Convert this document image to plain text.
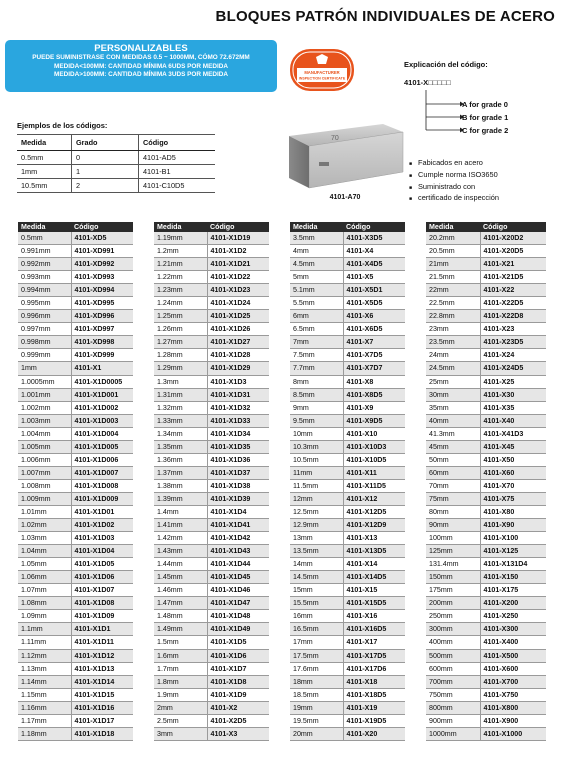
BLOQUES PATRÓN INDIVIDUALES DE ACERO
PERSONALIZABLES
PUEDE SUMINISTRASE CON MEDIDAS 0.5 ~ 1000MM, CÓMO 72.672MM
MEDIDA<100MM: CANTIDAD MÍNIMA 6UDS POR MEDIDA
MEDIDA>100MM: CANTIDAD MÍNIMA 3UDS POR MEDIDA	MANUFACTURER
INSPECTION CERTIFICATE
70
4101-A70
Explicación del código:
4101-X□□□□□
A for grade 0
B for grade 1
C for grade 2
■ Fabicados en acero
■ Cumple norma ISO3650
■ Suministrado con
■ certificado de inspección
Ejemplos de los códigos:
Medida	Grado	Código
0.5mm	0	4101-AD5
1mm	1	4101-B1
10.5mm	2	4101-C10D5
Medida	Código
0.5mm	4101-XD5
0.991mm	4101-XD991
0.992mm	4101-XD992
0.993mm	4101-XD993
0.994mm	4101-XD994
0.995mm	4101-XD995
0.996mm	4101-XD996
0.997mm	4101-XD997
0.998mm	4101-XD998
0.999mm	4101-XD999
1mm	4101-X1
1.0005mm	4101-X1D0005
1.001mm	4101-X1D001
1.002mm	4101-X1D002
1.003mm	4101-X1D003
1.004mm	4101-X1D004
1.005mm	4101-X1D005
1.006mm	4101-X1D006
1.007mm	4101-X1D007
1.008mm	4101-X1D008
1.009mm	4101-X1D009
1.01mm	4101-X1D01
1.02mm	4101-X1D02
1.03mm	4101-X1D03
1.04mm	4101-X1D04
1.05mm	4101-X1D05
1.06mm	4101-X1D06
1.07mm	4101-X1D07
1.08mm	4101-X1D08
1.09mm	4101-X1D09
1.1mm	4101-X1D1
1.11mm	4101-X1D11
1.12mm	4101-X1D12
1.13mm	4101-X1D13
1.14mm	4101-X1D14
1.15mm	4101-X1D15
1.16mm	4101-X1D16
1.17mm	4101-X1D17
1.18mm	4101-X1D18
Medida	Código
1.19mm	4101-X1D19
1.2mm	4101-X1D2
1.21mm	4101-X1D21
1.22mm	4101-X1D22
1.23mm	4101-X1D23
1.24mm	4101-X1D24
1.25mm	4101-X1D25
1.26mm	4101-X1D26
1.27mm	4101-X1D27
1.28mm	4101-X1D28
1.29mm	4101-X1D29
1.3mm	4101-X1D3
1.31mm	4101-X1D31
1.32mm	4101-X1D32
1.33mm	4101-X1D33
1.34mm	4101-X1D34
1.35mm	4101-X1D35
1.36mm	4101-X1D36
1.37mm	4101-X1D37
1.38mm	4101-X1D38
1.39mm	4101-X1D39
1.4mm	4101-X1D4
1.41mm	4101-X1D41
1.42mm	4101-X1D42
1.43mm	4101-X1D43
1.44mm	4101-X1D44
1.45mm	4101-X1D45
1.46mm	4101-X1D46
1.47mm	4101-X1D47
1.48mm	4101-X1D48
1.49mm	4101-X1D49
1.5mm	4101-X1D5
1.6mm	4101-X1D6
1.7mm	4101-X1D7
1.8mm	4101-X1D8
1.9mm	4101-X1D9
2mm	4101-X2
2.5mm	4101-X2D5
3mm	4101-X3
Medida	Código
3.5mm	4101-X3D5
4mm	4101-X4
4.5mm	4101-X4D5
5mm	4101-X5
5.1mm	4101-X5D1
5.5mm	4101-X5D5
6mm	4101-X6
6.5mm	4101-X6D5
7mm	4101-X7
7.5mm	4101-X7D5
7.7mm	4101-X7D7
8mm	4101-X8
8.5mm	4101-X8D5
9mm	4101-X9
9.5mm	4101-X9D5
10mm	4101-X10
10.3mm	4101-X10D3
10.5mm	4101-X10D5
11mm	4101-X11
11.5mm	4101-X11D5
12mm	4101-X12
12.5mm	4101-X12D5
12.9mm	4101-X12D9
13mm	4101-X13
13.5mm	4101-X13D5
14mm	4101-X14
14.5mm	4101-X14D5
15mm	4101-X15
15.5mm	4101-X15D5
16mm	4101-X16
16.5mm	4101-X16D5
17mm	4101-X17
17.5mm	4101-X17D5
17.6mm	4101-X17D6
18mm	4101-X18
18.5mm	4101-X18D5
19mm	4101-X19
19.5mm	4101-X19D5
20mm	4101-X20
Medida	Código
20.2mm	4101-X20D2
20.5mm	4101-X20D5
21mm	4101-X21
21.5mm	4101-X21D5
22mm	4101-X22
22.5mm	4101-X22D5
22.8mm	4101-X22D8
23mm	4101-X23
23.5mm	4101-X23D5
24mm	4101-X24
24.5mm	4101-X24D5
25mm	4101-X25
30mm	4101-X30
35mm	4101-X35
40mm	4101-X40
41.3mm	4101-X41D3
45mm	4101-X45
50mm	4101-X50
60mm	4101-X60
70mm	4101-X70
75mm	4101-X75
80mm	4101-X80
90mm	4101-X90
100mm	4101-X100
125mm	4101-X125
131.4mm	4101-X131D4
150mm	4101-X150
175mm	4101-X175
200mm	4101-X200
250mm	4101-X250
300mm	4101-X300
400mm	4101-X400
500mm	4101-X500
600mm	4101-X600
700mm	4101-X700
750mm	4101-X750
800mm	4101-X800
900mm	4101-X900
1000mm	4101-X1000
